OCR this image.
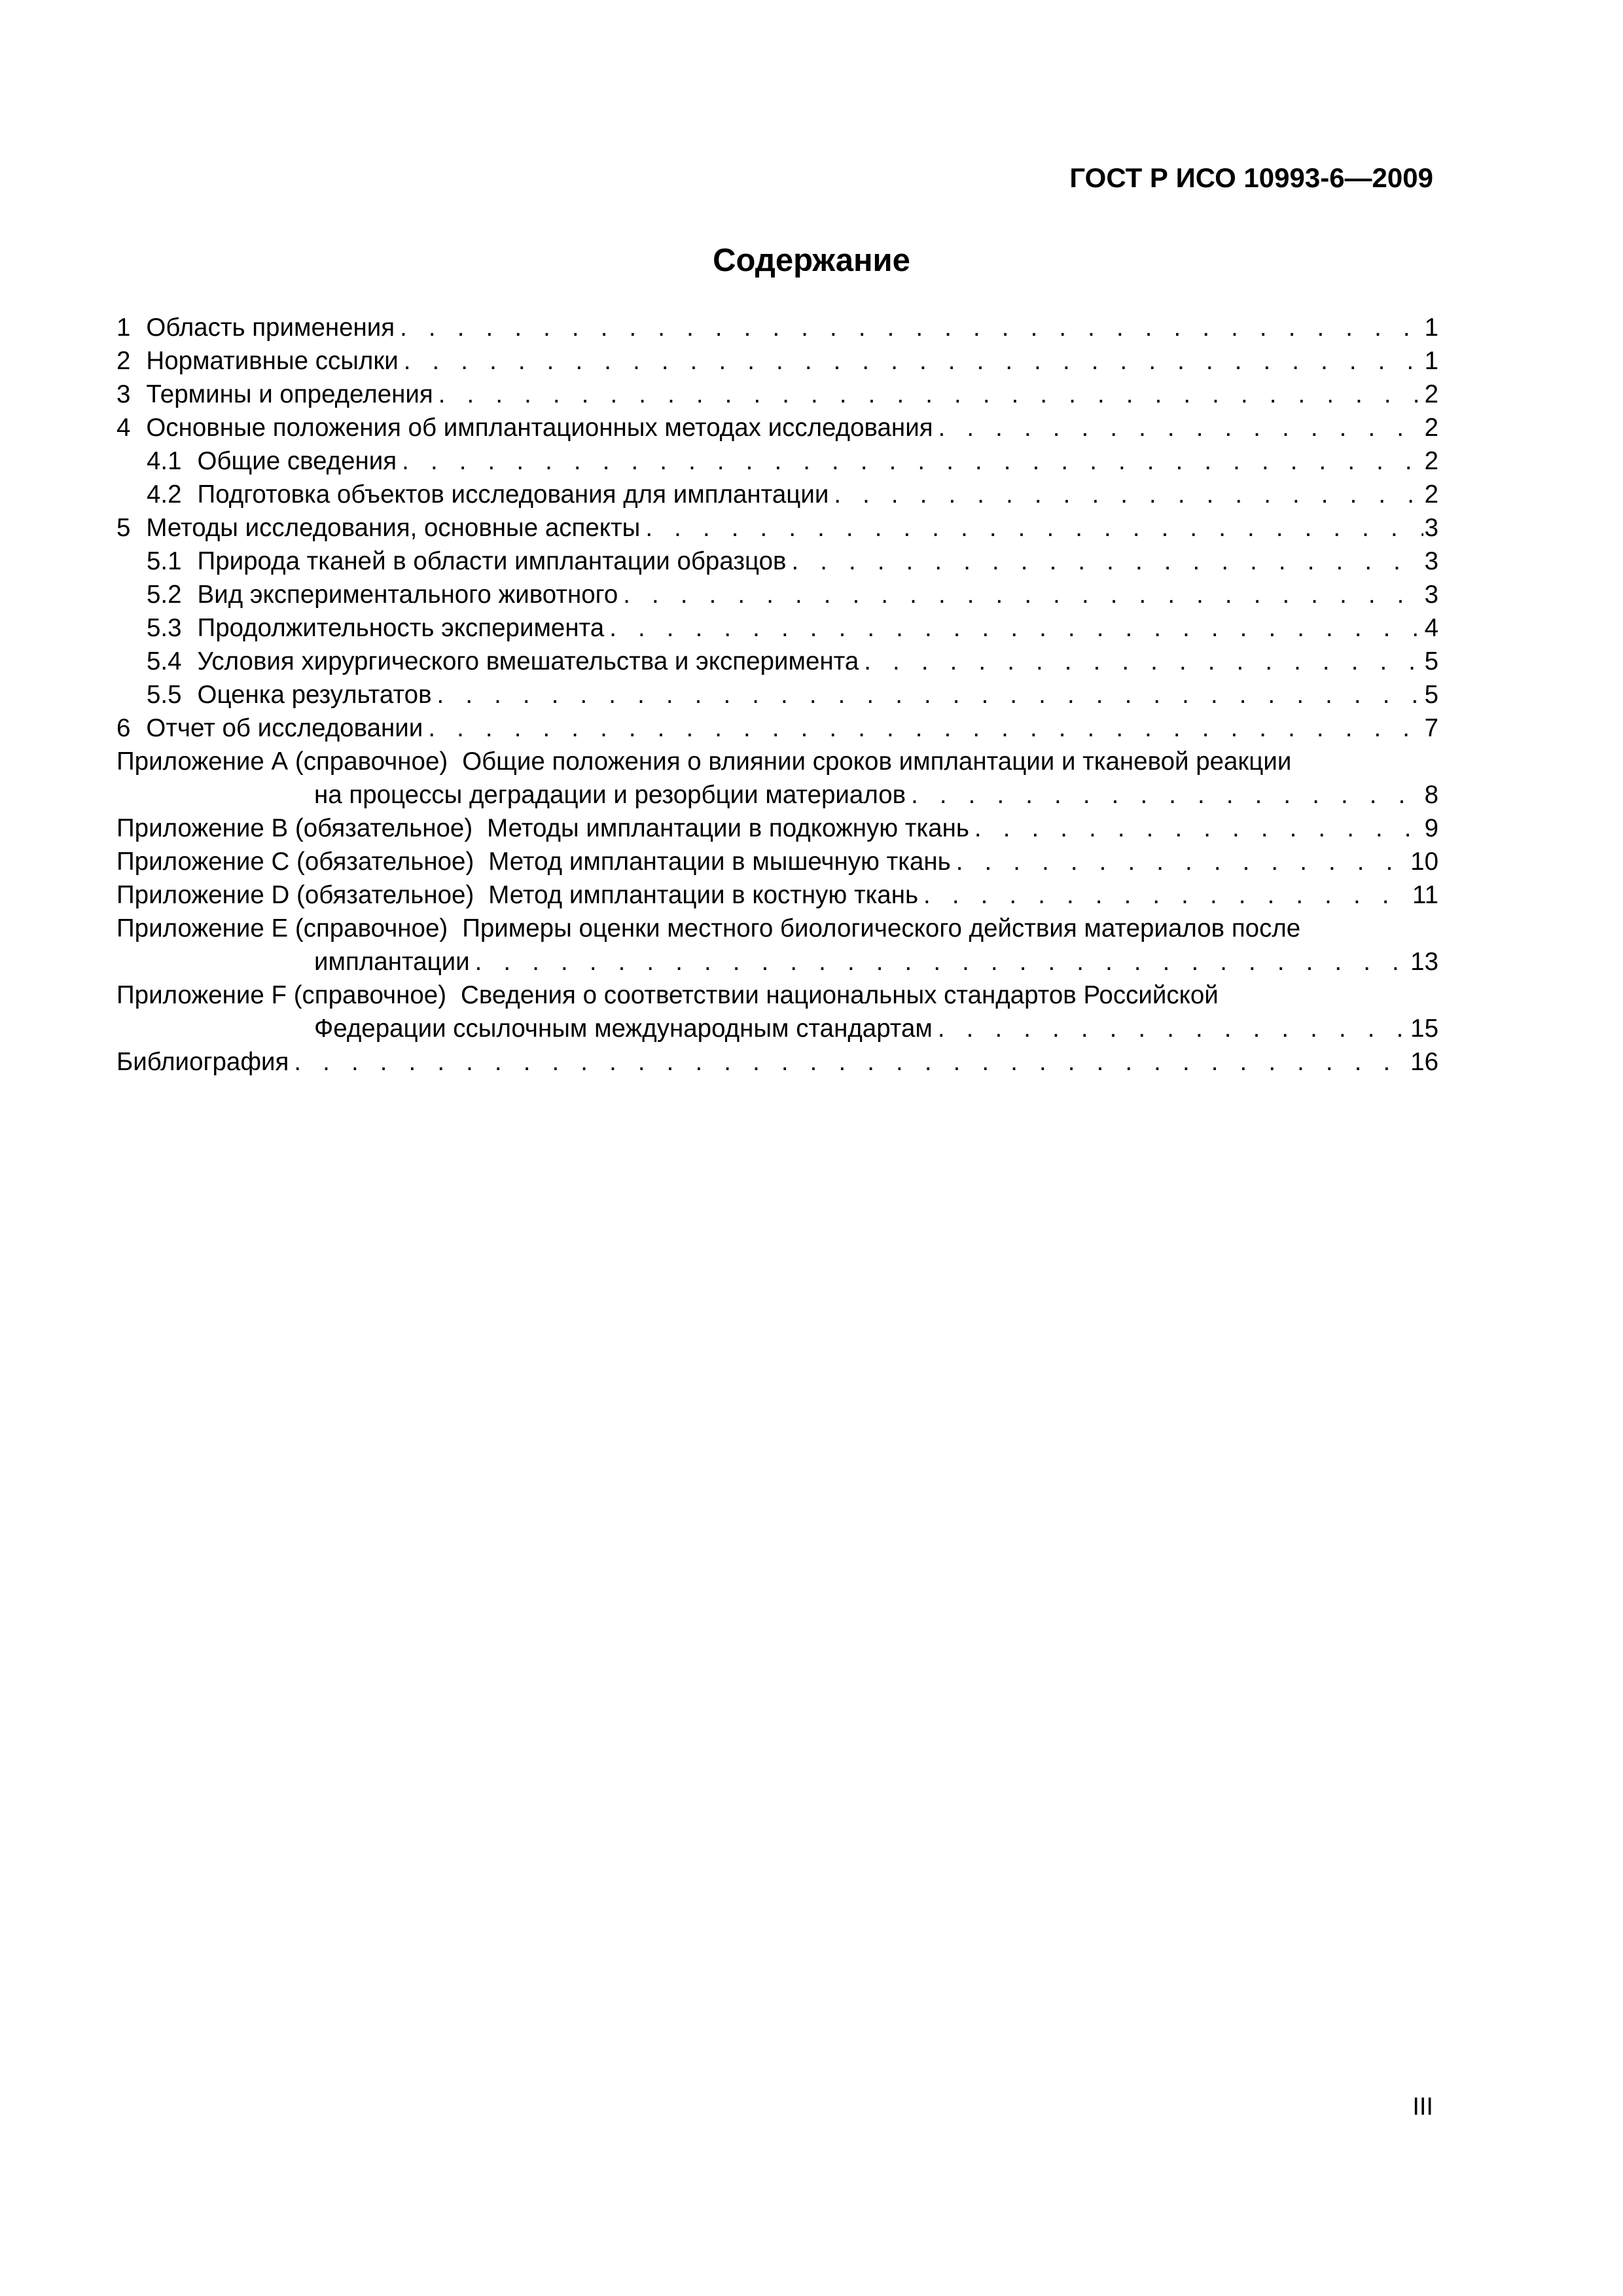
ГОСТ Р ИСО 10993-6—2009
Содержание
1 Область применения . . .	1
2 Нормативные ссылки . . .	1
3 Термины и определения . . .	2
4 Основные положения об имплантационных методах исследования . . .	2
4.1 Общие сведения . . .	2
4.2 Подготовка объектов исследования для имплантации . . .	2
5 Методы исследования, основные аспекты . . .	3
5.1 Природа тканей в области имплантации образцов . . .	3
5.2 Вид экспериментального животного . . .	3
5.3 Продолжительность эксперимента . . .	4
5.4 Условия хирургического вмешательства и эксперимента . . .	5
5.5 Оценка результатов . . .	5
6 Отчет об исследовании . . .	7
Приложение А (справочное) Общие положения о влиянии сроков имплантации и тканевой реакции
на процессы деградации и резорбции материалов . . .	8
Приложение В (обязательное) Методы имплантации в подкожную ткань . . .	9
Приложение С (обязательное) Метод имплантации в мышечную ткань . . .	10
Приложение D (обязательное) Метод имплантации в костную ткань . . .	11
Приложение Е (справочное) Примеры оценки местного биологического действия материалов после
имплантации . . .	13
Приложение F (справочное) Сведения о соответствии национальных стандартов Российской
Федерации ссылочным международным стандартам . . .	15
Библиография . . .	16
III
